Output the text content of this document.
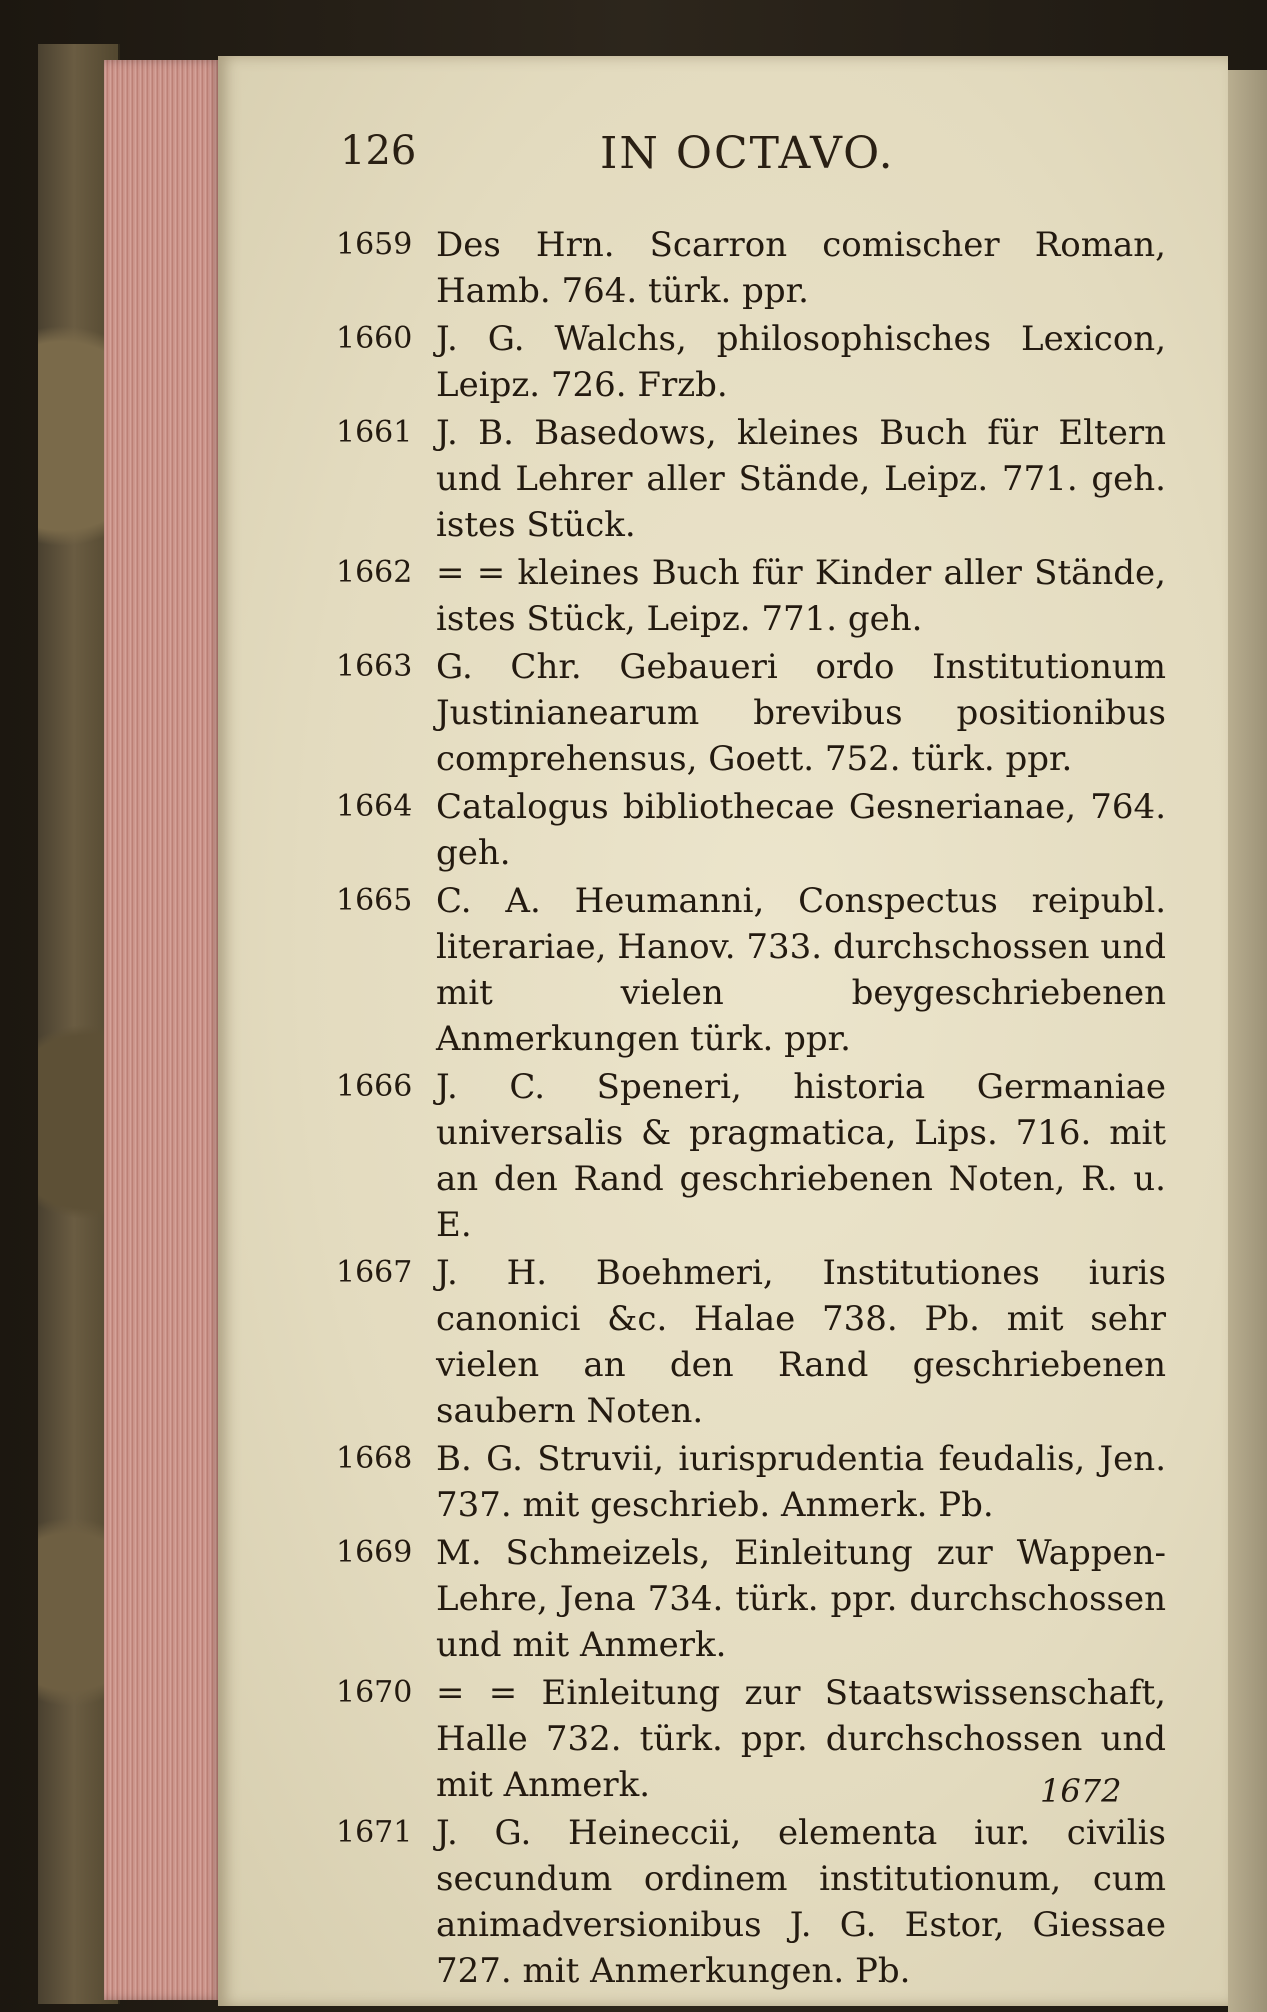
126	IN OCTAVO.
1659 Des Hrn. Scarron comischer Roman, Hamb. 764. türk. ppr.
1660 J. G. Walchs, philosophisches Lexicon, Leipz. 726. Frzb.
1661 J. B. Basedows, kleines Buch für Eltern und Lehrer aller Stände, Leipz. 771. geh. istes Stück.
1662 = = kleines Buch für Kinder aller Stände, istes Stück, Leipz. 771. geh.
1663 G. Chr. Gebaueri ordo Institutionum Justinianearum brevibus positionibus comprehensus, Goett. 752. türk. ppr.
1664 Catalogus bibliothecae Gesnerianae, 764. geh.
1665 C. A. Heumanni, Conspectus reipubl. literariae, Hanov. 733. durchschossen und mit vielen beygeschriebenen Anmerkungen türk. ppr.
1666 J. C. Speneri, historia Germaniae universalis & pragmatica, Lips. 716. mit an den Rand geschriebenen Noten, R. u. E.
1667 J. H. Boehmeri, Institutiones iuris canonici &c. Halae 738. Pb. mit sehr vielen an den Rand geschriebenen saubern Noten.
1668 B. G. Struvii, iurisprudentia feudalis, Jen. 737. mit geschrieb. Anmerk. Pb.
1669 M. Schmeizels, Einleitung zur Wappen-Lehre, Jena 734. türk. ppr. durchschossen und mit Anmerk.
1670 = = Einleitung zur Staatswissenschaft, Halle 732. türk. ppr. durchschossen und mit Anmerk.
1671 J. G. Heineccii, elementa iur. civilis secundum ordinem institutionum, cum animadversionibus J. G. Estor, Giessae 727. mit Anmerkungen. Pb.
1672
